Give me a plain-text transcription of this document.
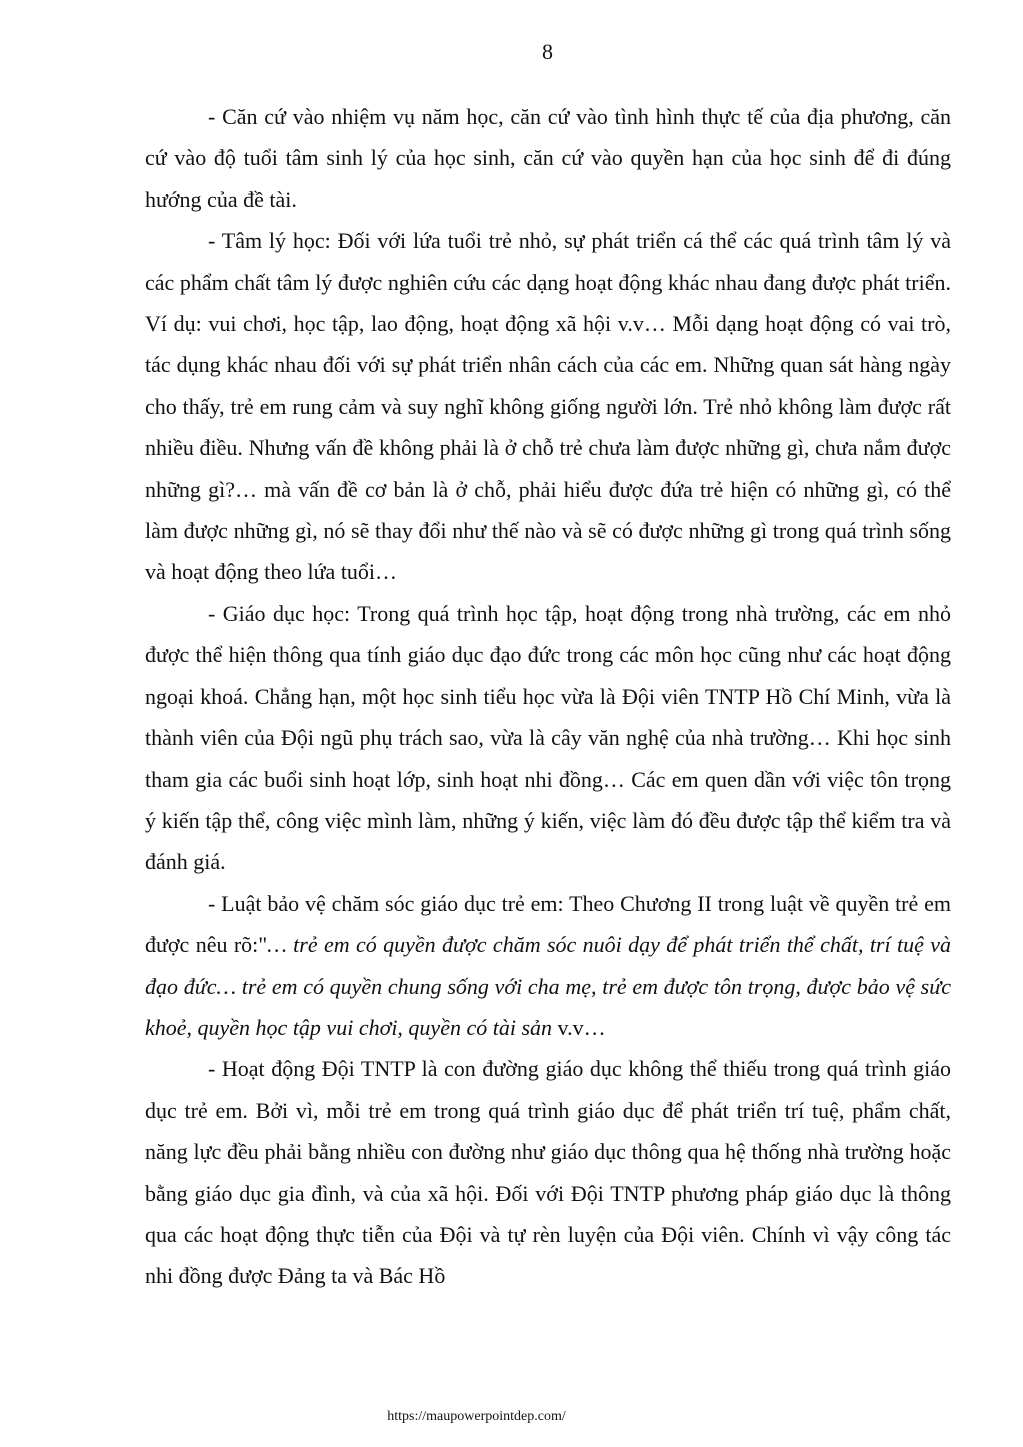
8

- Căn cứ vào nhiệm vụ năm học, căn cứ vào tình hình thực tế của địa phương, căn cứ vào độ tuổi tâm sinh lý của học sinh, căn cứ vào quyền hạn của học sinh để đi đúng hướng của đề tài.

- Tâm lý học: Đối với lứa tuổi trẻ nhỏ, sự phát triển cá thể các quá trình tâm lý và các phẩm chất tâm lý được nghiên cứu các dạng hoạt động khác nhau đang được phát triển. Ví dụ: vui chơi, học tập, lao động, hoạt động xã hội v.v… Mỗi dạng hoạt động có vai trò, tác dụng khác nhau đối với sự phát triển nhân cách của các em. Những quan sát hàng ngày cho thấy, trẻ em rung cảm và suy nghĩ không giống người lớn. Trẻ nhỏ không làm được rất nhiều điều. Nhưng vấn đề không phải là ở chỗ trẻ chưa làm được những gì, chưa nắm được những gì?… mà vấn đề cơ bản là ở chỗ, phải hiểu được đứa trẻ hiện có những gì, có thể làm được những gì, nó sẽ thay đổi như thế nào và sẽ có được những gì trong quá trình sống và hoạt động theo lứa tuổi…

- Giáo dục học: Trong quá trình học tập, hoạt động trong nhà trường, các em nhỏ được thể hiện thông qua tính giáo dục đạo đức trong các môn học cũng như các hoạt động ngoại khoá. Chẳng hạn, một học sinh tiểu học vừa là Đội viên TNTP Hồ Chí Minh, vừa là thành viên của Đội ngũ phụ trách sao, vừa là cây văn nghệ của nhà trường… Khi học sinh tham gia các buổi sinh hoạt lớp, sinh hoạt nhi đồng… Các em quen dần với việc tôn trọng ý kiến tập thể, công việc mình làm, những ý kiến, việc làm đó đều được tập thể kiểm tra và đánh giá.

- Luật bảo vệ chăm sóc giáo dục trẻ em: Theo Chương II trong luật về quyền trẻ em được nêu rõ:"… trẻ em có quyền được chăm sóc nuôi dạy để phát triển thể chất, trí tuệ và đạo đức… trẻ em có quyền chung sống với cha mẹ, trẻ em được tôn trọng, được bảo vệ sức khoẻ, quyền học tập vui chơi, quyền có tài sản v.v…

- Hoạt động Đội TNTP là con đường giáo dục không thể thiếu trong quá trình giáo dục trẻ em. Bởi vì, mỗi trẻ em trong quá trình giáo dục để phát triển trí tuệ, phẩm chất, năng lực đều phải bằng nhiều con đường như giáo dục thông qua hệ thống nhà trường hoặc bằng giáo dục gia đình, và của xã hội. Đối với Đội TNTP phương pháp giáo dục là thông qua các hoạt động thực tiễn của Đội và tự rèn luyện của Đội viên. Chính vì vậy công tác nhi đồng được Đảng ta và Bác Hồ

https://maupowerpointdep.com/
